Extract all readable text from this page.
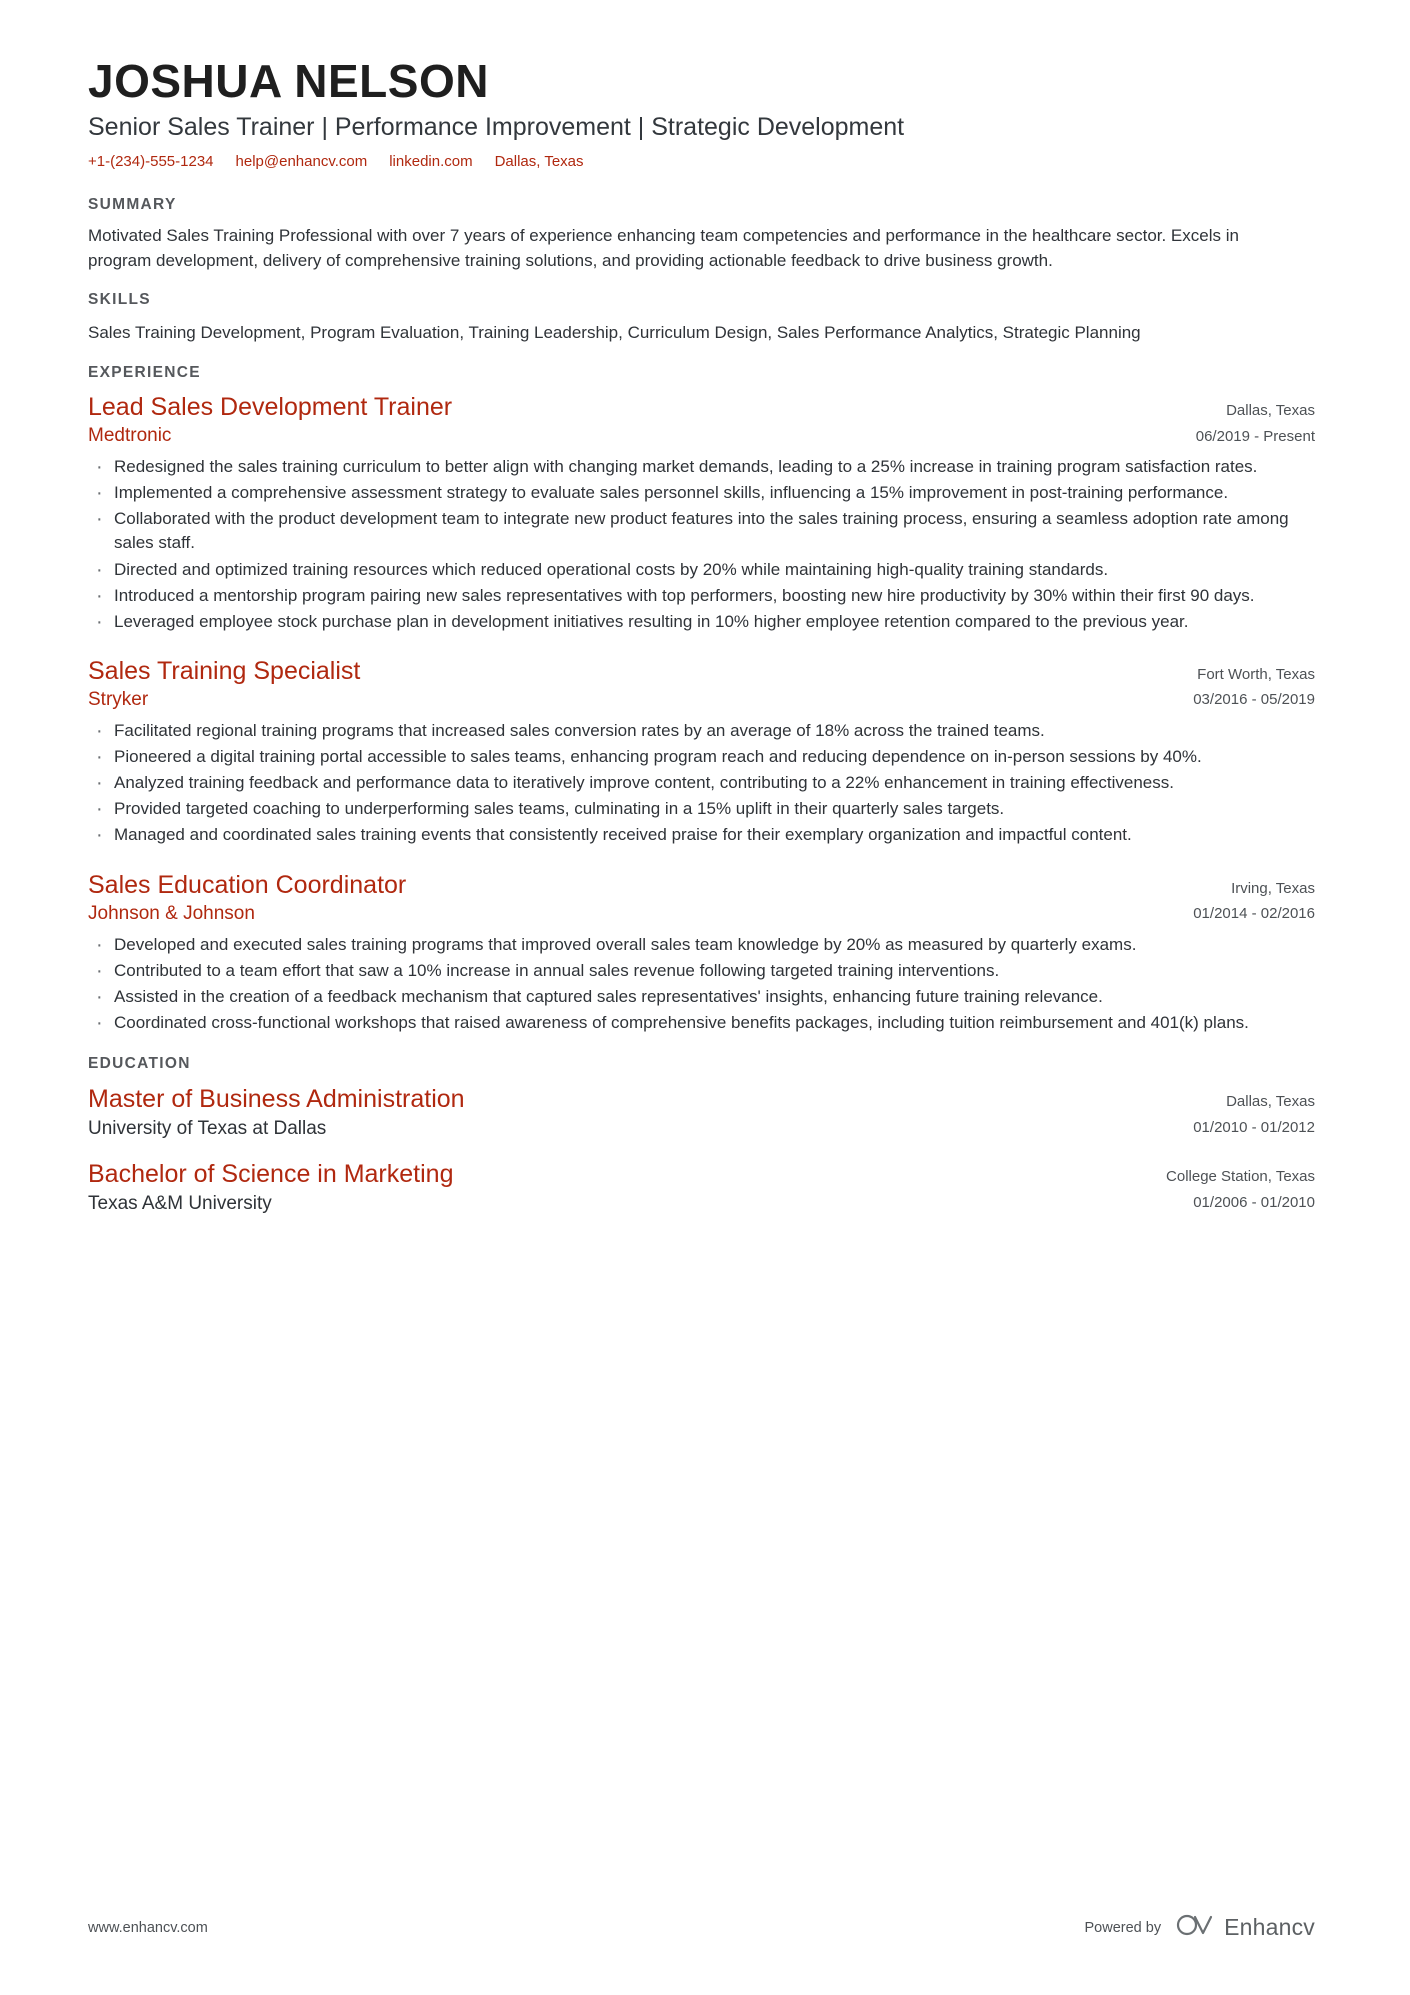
JOSHUA NELSON
Senior Sales Trainer | Performance Improvement | Strategic Development
+1-(234)-555-1234 help@enhancv.com linkedin.com Dallas, Texas
SUMMARY
Motivated Sales Training Professional with over 7 years of experience enhancing team competencies and performance in the healthcare sector. Excels in program development, delivery of comprehensive training solutions, and providing actionable feedback to drive business growth.
SKILLS
Sales Training Development, Program Evaluation, Training Leadership, Curriculum Design, Sales Performance Analytics, Strategic Planning
EXPERIENCE
Lead Sales Development Trainer
Medtronic
Dallas, Texas
06/2019 - Present
· Redesigned the sales training curriculum to better align with changing market demands, leading to a 25% increase in training program satisfaction rates.
· Implemented a comprehensive assessment strategy to evaluate sales personnel skills, influencing a 15% improvement in post-training performance.
· Collaborated with the product development team to integrate new product features into the sales training process, ensuring a seamless adoption rate among sales staff.
· Directed and optimized training resources which reduced operational costs by 20% while maintaining high-quality training standards.
· Introduced a mentorship program pairing new sales representatives with top performers, boosting new hire productivity by 30% within their first 90 days.
· Leveraged employee stock purchase plan in development initiatives resulting in 10% higher employee retention compared to the previous year.
Sales Training Specialist
Stryker
Fort Worth, Texas
03/2016 - 05/2019
· Facilitated regional training programs that increased sales conversion rates by an average of 18% across the trained teams.
· Pioneered a digital training portal accessible to sales teams, enhancing program reach and reducing dependence on in-person sessions by 40%.
· Analyzed training feedback and performance data to iteratively improve content, contributing to a 22% enhancement in training effectiveness.
· Provided targeted coaching to underperforming sales teams, culminating in a 15% uplift in their quarterly sales targets.
· Managed and coordinated sales training events that consistently received praise for their exemplary organization and impactful content.
Sales Education Coordinator
Johnson & Johnson
Irving, Texas
01/2014 - 02/2016
· Developed and executed sales training programs that improved overall sales team knowledge by 20% as measured by quarterly exams.
· Contributed to a team effort that saw a 10% increase in annual sales revenue following targeted training interventions.
· Assisted in the creation of a feedback mechanism that captured sales representatives' insights, enhancing future training relevance.
· Coordinated cross-functional workshops that raised awareness of comprehensive benefits packages, including tuition reimbursement and 401(k) plans.
EDUCATION
Master of Business Administration
University of Texas at Dallas
Dallas, Texas
01/2010 - 01/2012
Bachelor of Science in Marketing
Texas A&M University
College Station, Texas
01/2006 - 01/2010
www.enhancv.com	Powered by	Enhancv
